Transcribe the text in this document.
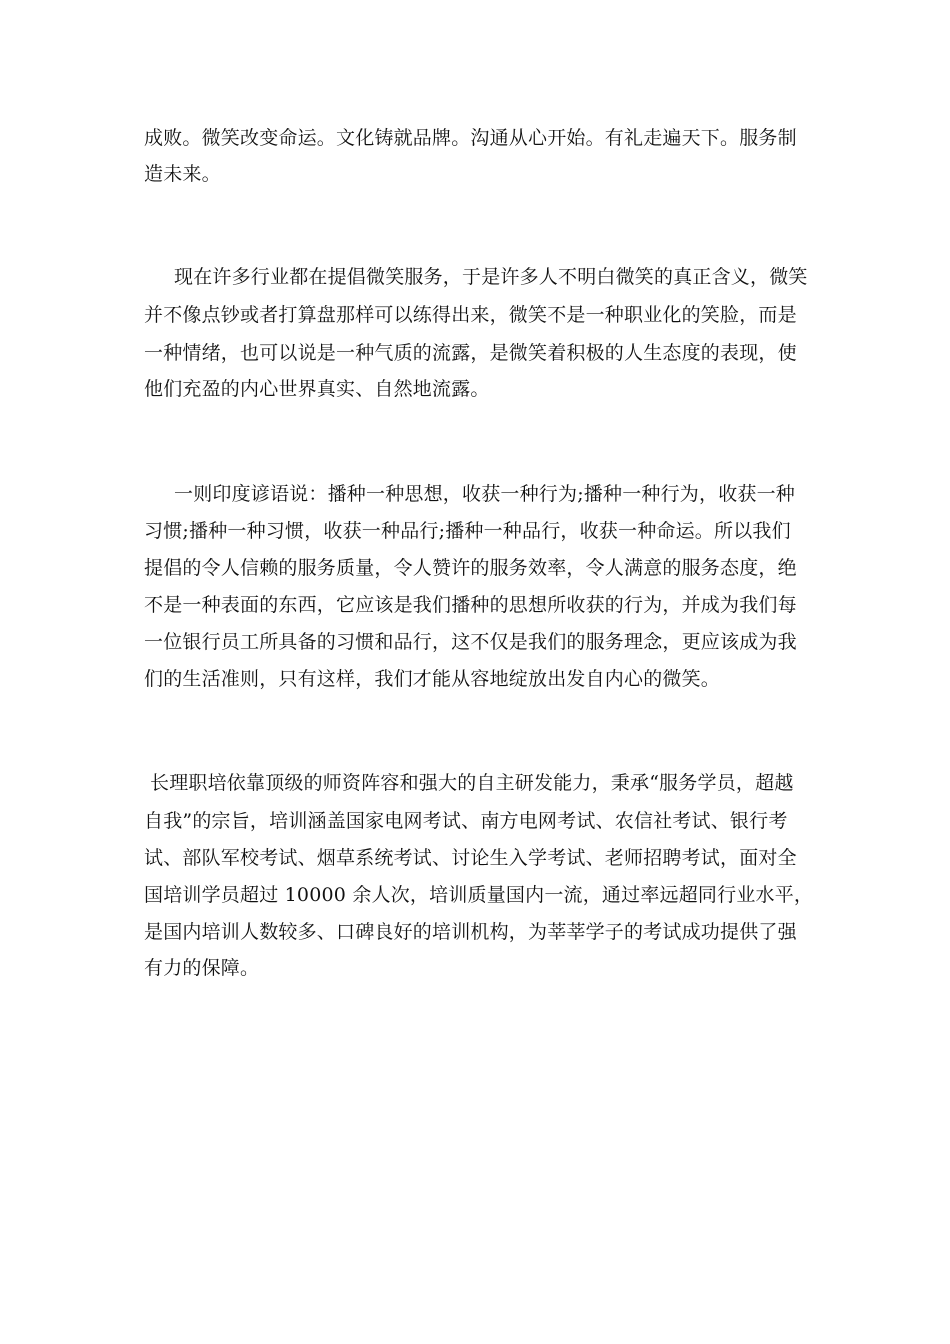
成败。微笑改变命运。文化铸就品牌。沟通从心开始。有礼走遍天下。服务制

造未来。

现在许多行业都在提倡微笑服务，于是许多人不明白微笑的真正含义，微笑

并不像点钞或者打算盘那样可以练得出来，微笑不是一种职业化的笑脸，而是

一种情绪，也可以说是一种气质的流露，是微笑着积极的人生态度的表现，使

他们充盈的内心世界真实、自然地流露。

一则印度谚语说：播种一种思想，收获一种行为;播种一种行为，收获一种

习惯;播种一种习惯，收获一种品行;播种一种品行，收获一种命运。所以我们

提倡的令人信赖的服务质量，令人赞许的服务效率，令人满意的服务态度，绝

不是一种表面的东西，它应该是我们播种的思想所收获的行为，并成为我们每

一位银行员工所具备的习惯和品行，这不仅是我们的服务理念，更应该成为我

们的生活准则，只有这样，我们才能从容地绽放出发自内心的微笑。

长理职培依靠顶级的师资阵容和强大的自主研发能力，秉承“服务学员，超越

自我”的宗旨，培训涵盖国家电网考试、南方电网考试、农信社考试、银行考

试、部队军校考试、烟草系统考试、讨论生入学考试、老师招聘考试，面对全

国培训学员超过 10000 余人次，培训质量国内一流，通过率远超同行业水平，

是国内培训人数较多、口碑良好的培训机构，为莘莘学子的考试成功提供了强

有力的保障。
